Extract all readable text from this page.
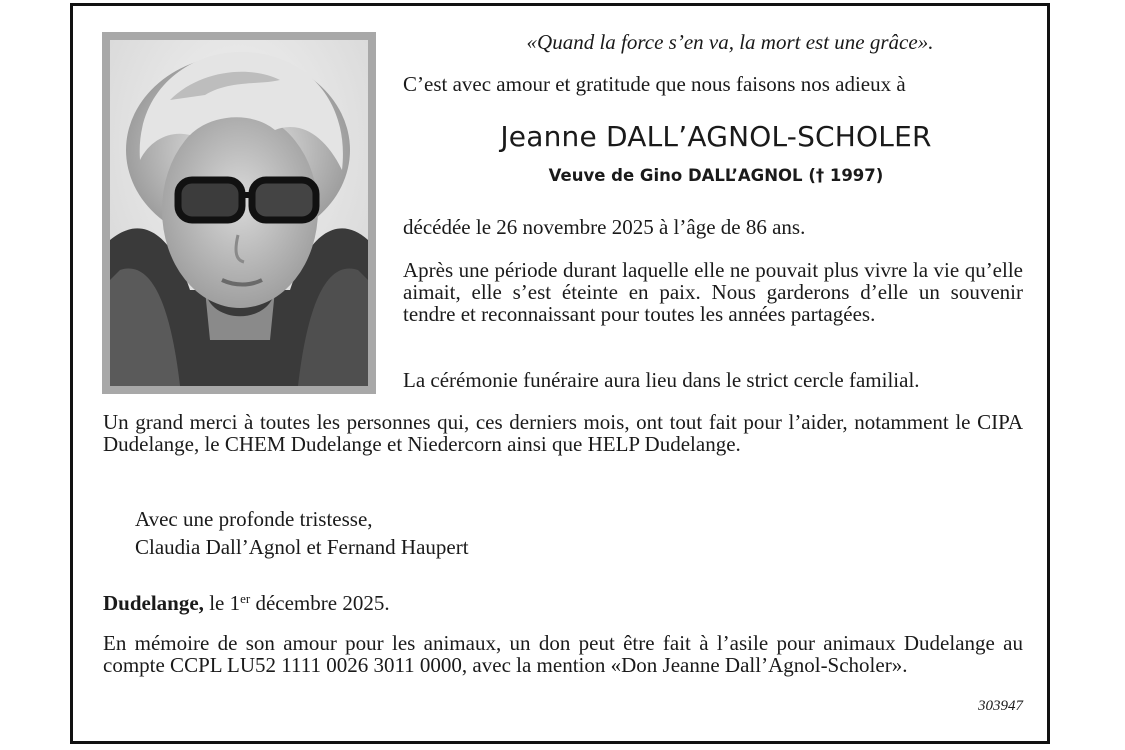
«Quand la force s’en va, la mort est une grâce».
C’est avec amour et gratitude que nous faisons nos adieux à
Jeanne DALL’AGNOL-SCHOLER
Veuve de Gino DALL’AGNOL († 1997)
décédée le 26 novembre 2025 à l’âge de 86 ans.
Après une période durant laquelle elle ne pouvait plus vivre la vie qu’elle aimait, elle s’est éteinte en paix. Nous garderons d’elle un souvenir tendre et reconnaissant pour toutes les années partagées.
La cérémonie funéraire aura lieu dans le strict cercle familial.
Un grand merci à toutes les personnes qui, ces derniers mois, ont tout fait pour l’aider, notamment le CIPA Dudelange, le CHEM Dudelange et Niedercorn ainsi que HELP Dudelange.
Avec une profonde tristesse,
Claudia Dall’Agnol et Fernand Haupert
Dudelange, le 1er décembre 2025.
En mémoire de son amour pour les animaux, un don peut être fait à l’asile pour animaux Dudelange au compte CCPL LU52 1111 0026 3011 0000, avec la mention «Don Jeanne Dall’Agnol-Scholer».
303947
